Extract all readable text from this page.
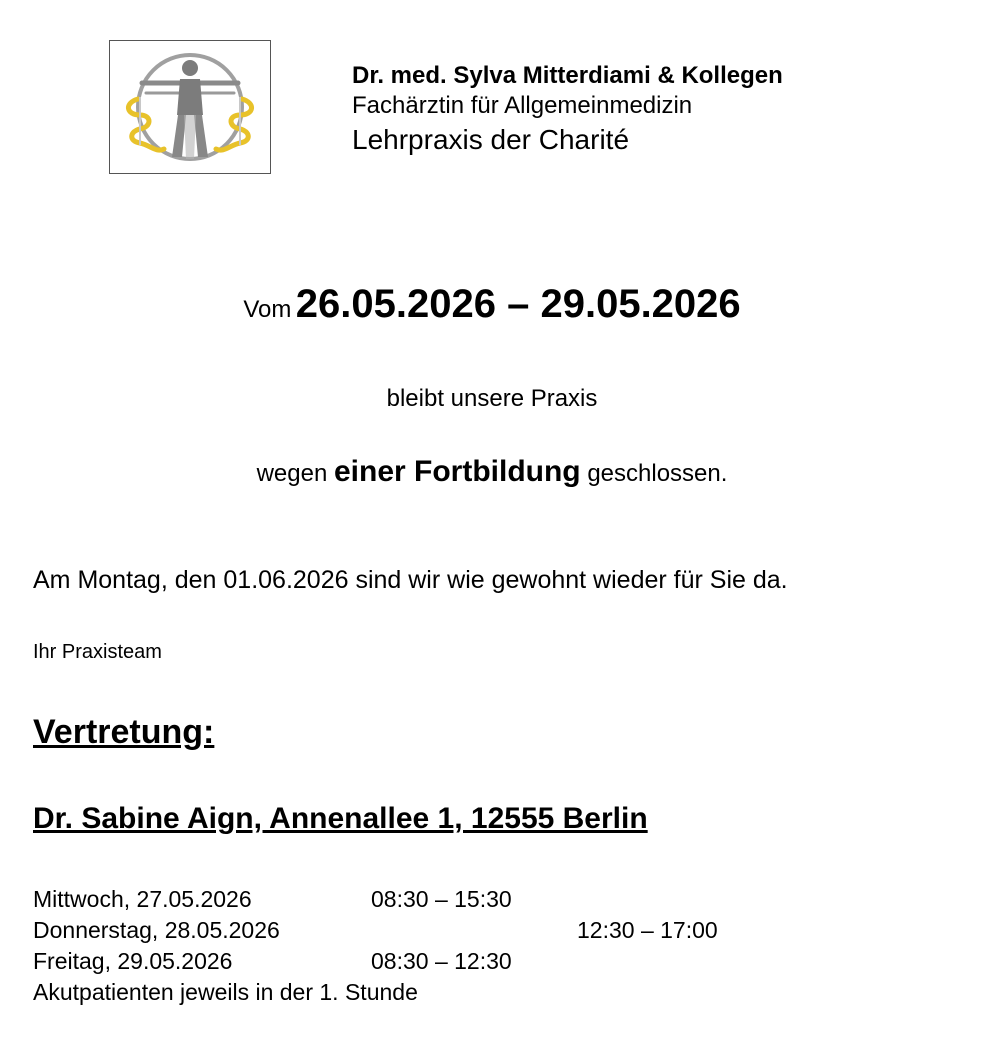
Dr. med. Sylva Mitterdiami & Kollegen
Fachärztin für Allgemeinmedizin
Lehrpraxis der Charité
Vom 26.05.2026 – 29.05.2026
bleibt unsere Praxis
wegen einer Fortbildung geschlossen.
Am Montag, den 01.06.2026 sind wir wie gewohnt wieder für Sie da.
Ihr Praxisteam
Vertretung:
Dr. Sabine Aign, Annenallee 1, 12555 Berlin
Mittwoch, 27.05.2026	08:30 – 15:30
Donnerstag, 28.05.2026	12:30 – 17:00
Freitag, 29.05.2026	08:30 – 12:30
Akutpatienten jeweils in der 1. Stunde
